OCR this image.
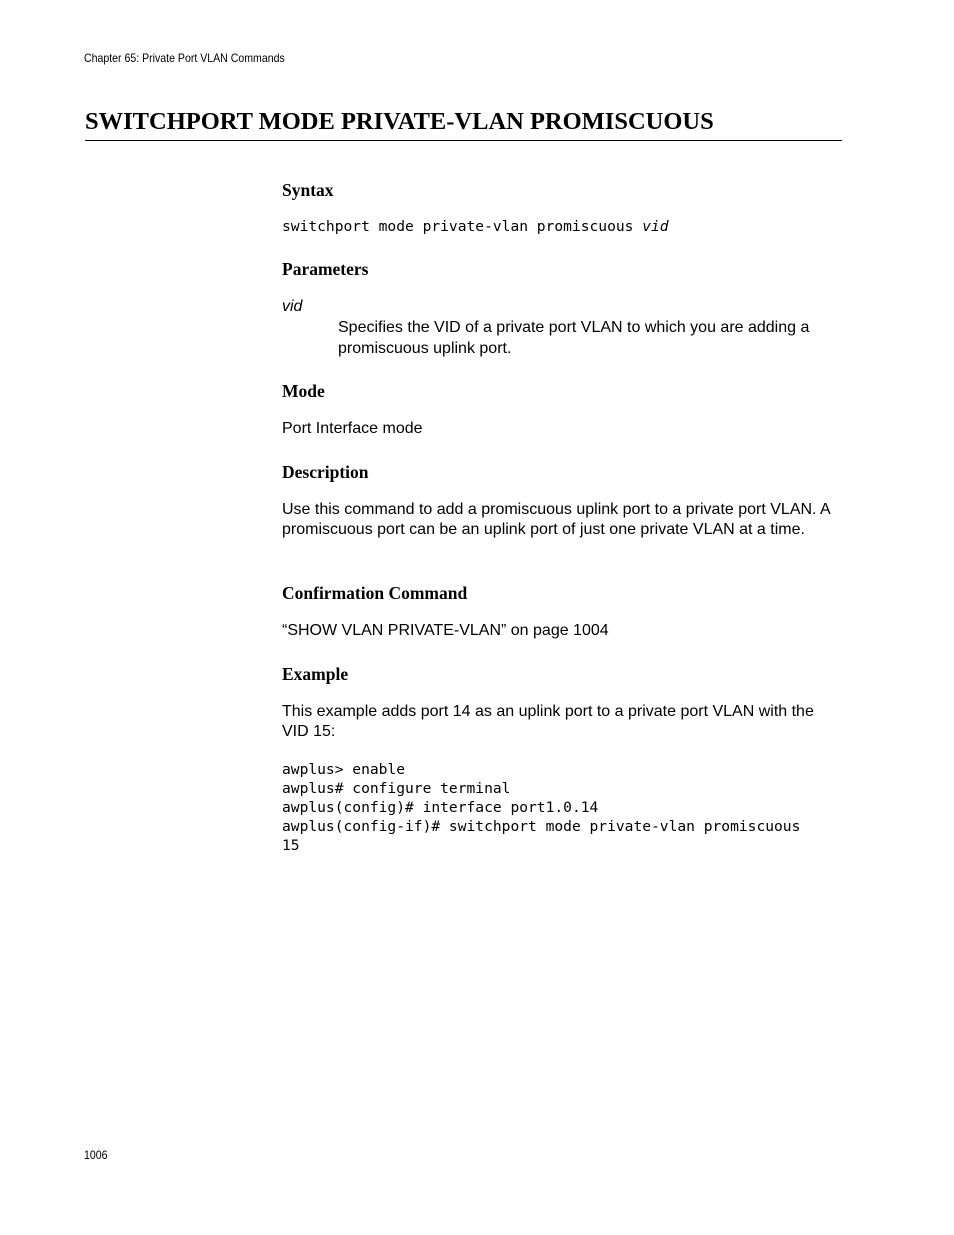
Chapter 65: Private Port VLAN Commands
SWITCHPORT MODE PRIVATE-VLAN PROMISCUOUS
Syntax
switchport mode private-vlan promiscuous vid
Parameters
vid

Specifies the VID of a private port VLAN to which you are adding a promiscuous uplink port.

Mode

Port Interface mode

Description

Use this command to add a promiscuous uplink port to a private port VLAN. A promiscuous port can be an uplink port of just one private VLAN at a time.

Confirmation Command

“SHOW VLAN PRIVATE-VLAN” on page 1004

Example

This example adds port 14 as an uplink port to a private port VLAN with the VID 15:

awplus> enable
awplus# configure terminal
awplus(config)# interface port1.0.14
awplus(config-if)# switchport mode private-vlan promiscuous
15
1006
